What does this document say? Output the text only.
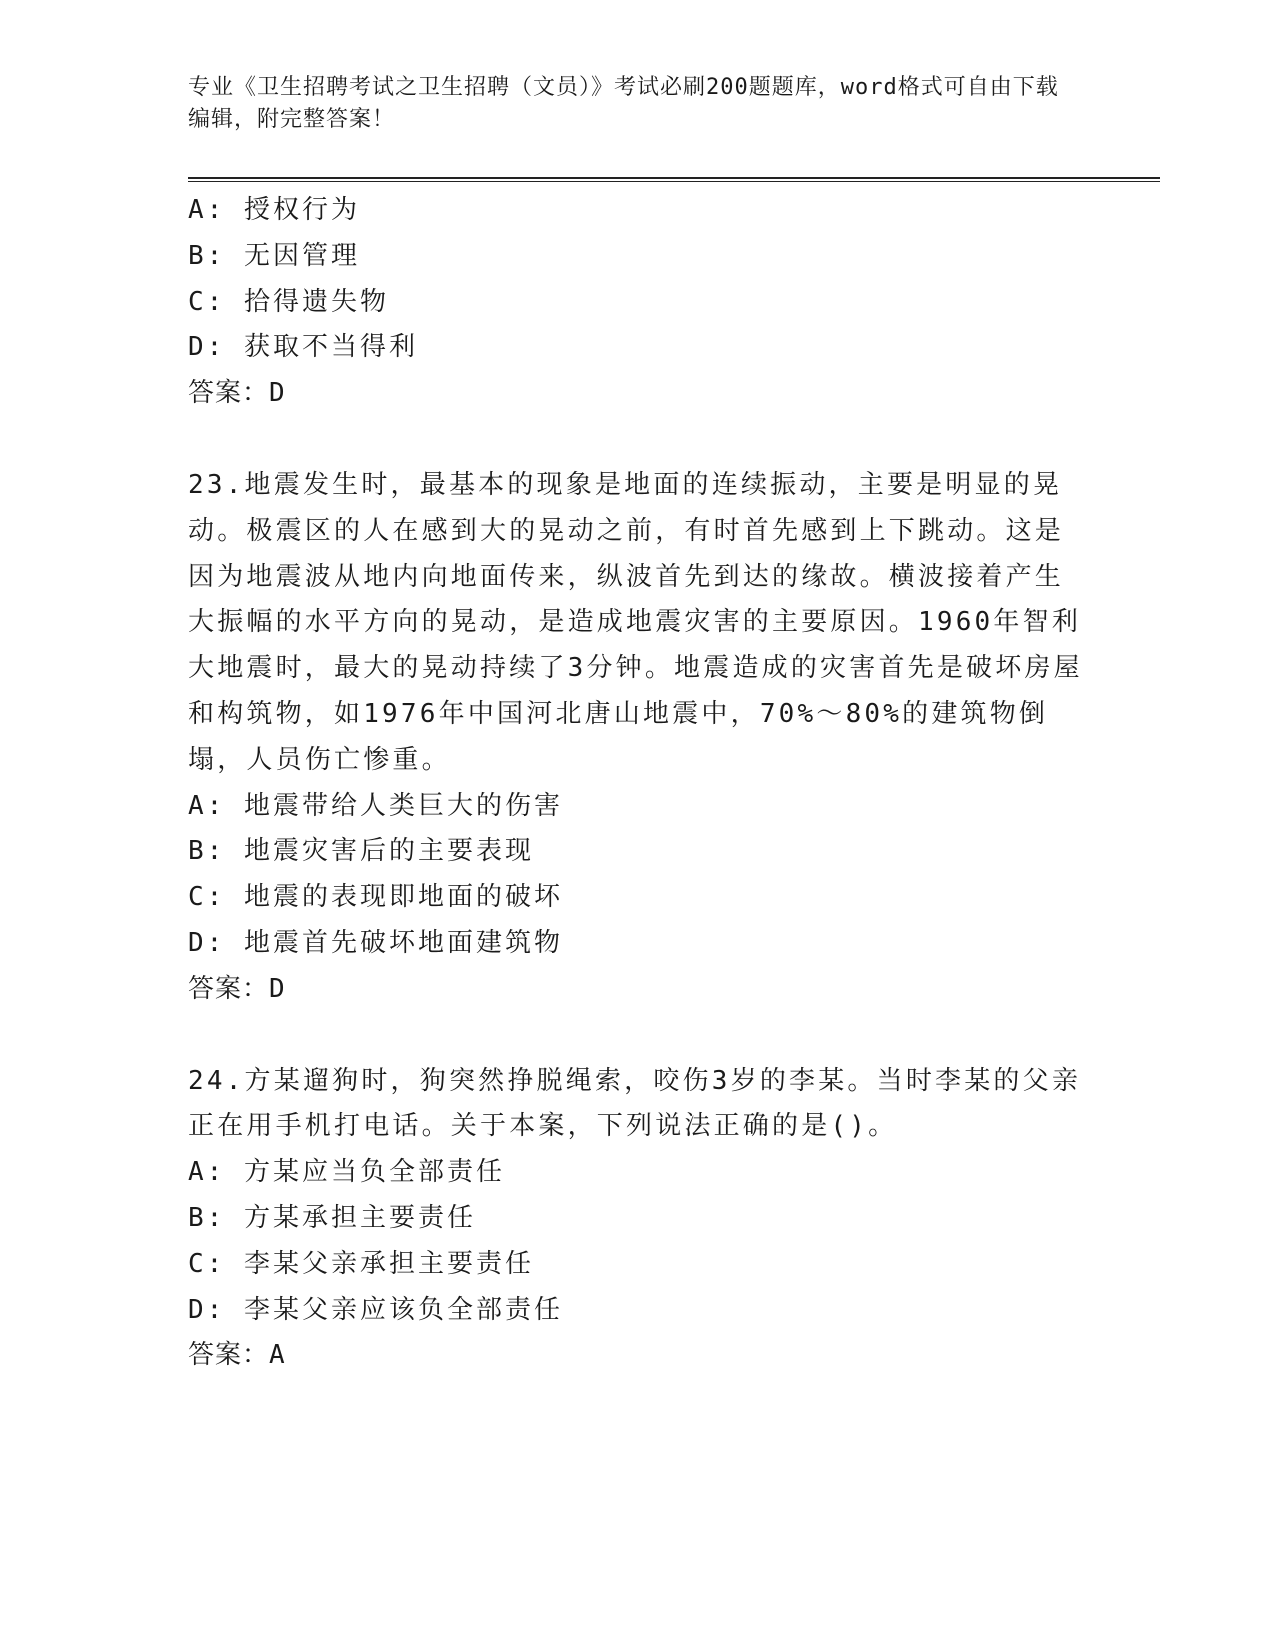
专业《卫生招聘考试之卫生招聘（文员）》考试必刷200题题库，word格式可自由下载编辑，附完整答案！
A: 授权行为
B: 无因管理
C: 拾得遗失物
D: 获取不当得利
答案：D
23.地震发生时，最基本的现象是地面的连续振动，主要是明显的晃动。极震区的人在感到大的晃动之前，有时首先感到上下跳动。这是因为地震波从地内向地面传来，纵波首先到达的缘故。横波接着产生大振幅的水平方向的晃动，是造成地震灾害的主要原因。1960年智利大地震时，最大的晃动持续了3分钟。地震造成的灾害首先是破坏房屋和构筑物，如1976年中国河北唐山地震中，70%～80%的建筑物倒塌，人员伤亡惨重。
A: 地震带给人类巨大的伤害
B: 地震灾害后的主要表现
C: 地震的表现即地面的破坏
D: 地震首先破坏地面建筑物
答案：D
24.方某遛狗时，狗突然挣脱绳索，咬伤3岁的李某。当时李某的父亲正在用手机打电话。关于本案，下列说法正确的是()。
A: 方某应当负全部责任
B: 方某承担主要责任
C: 李某父亲承担主要责任
D: 李某父亲应该负全部责任
答案：A
